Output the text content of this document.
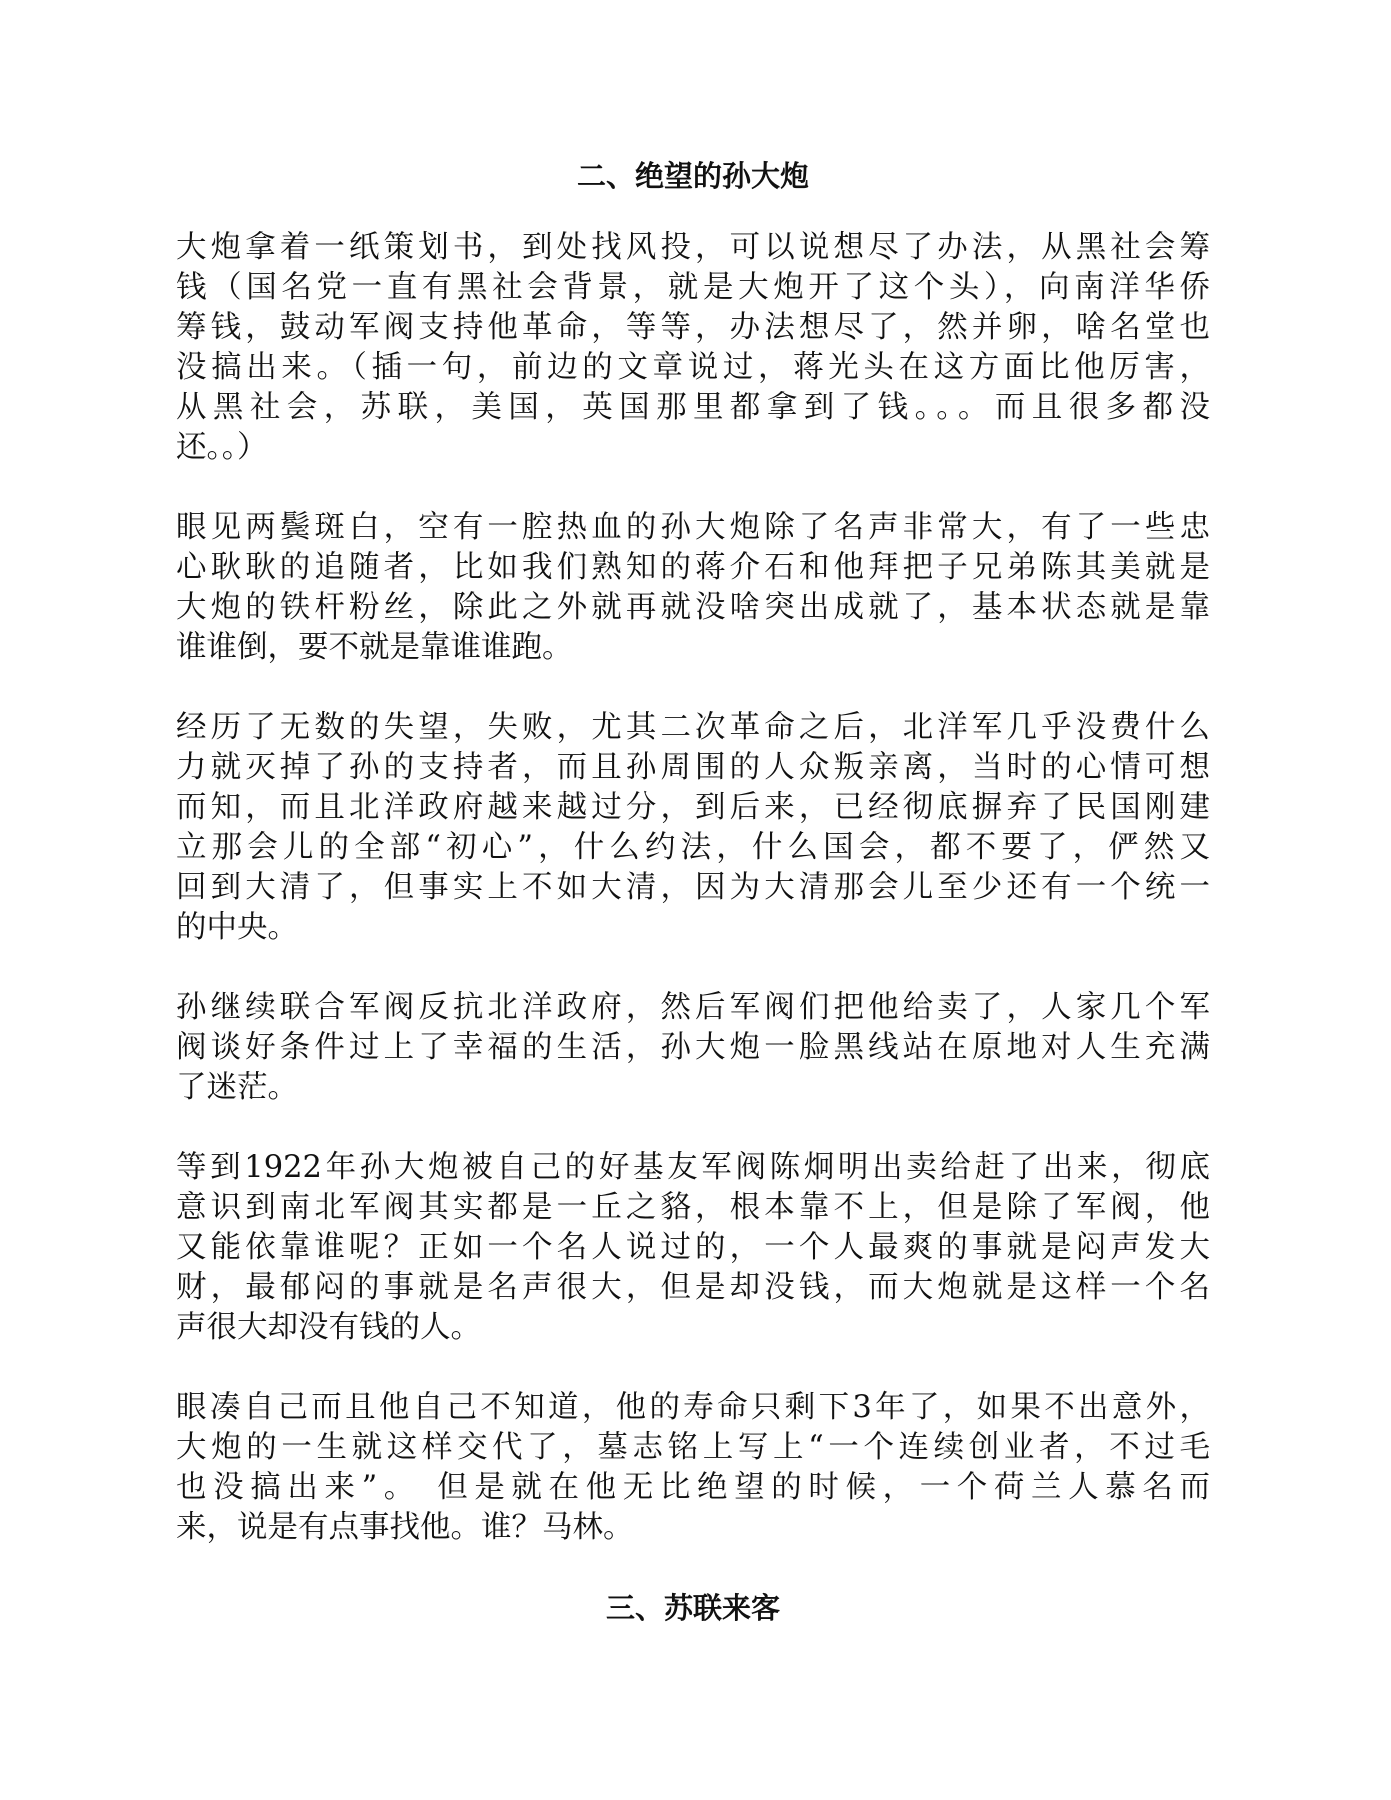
二、绝望的孙大炮

大炮拿着一纸策划书，到处找风投，可以说想尽了办法，从黑社会筹
钱（国名党一直有黑社会背景，就是大炮开了这个头），向南洋华侨
筹钱，鼓动军阀支持他革命，等等，办法想尽了，然并卵，啥名堂也
没搞出来。（插一句，前边的文章说过，蒋光头在这方面比他厉害，
从黑社会，苏联，美国，英国那里都拿到了钱。。。而且很多都没
还。。）

眼见两鬓斑白，空有一腔热血的孙大炮除了名声非常大，有了一些忠
心耿耿的追随者，比如我们熟知的蒋介石和他拜把子兄弟陈其美就是
大炮的铁杆粉丝，除此之外就再就没啥突出成就了，基本状态就是靠
谁谁倒，要不就是靠谁谁跑。

经历了无数的失望，失败，尤其二次革命之后，北洋军几乎没费什么
力就灭掉了孙的支持者，而且孙周围的人众叛亲离，当时的心情可想
而知，而且北洋政府越来越过分，到后来，已经彻底摒弃了民国刚建
立那会儿的全部“初心”，什么约法，什么国会，都不要了，俨然又
回到大清了，但事实上不如大清，因为大清那会儿至少还有一个统一
的中央。

孙继续联合军阀反抗北洋政府，然后军阀们把他给卖了，人家几个军
阀谈好条件过上了幸福的生活，孙大炮一脸黑线站在原地对人生充满
了迷茫。

等到1922年孙大炮被自己的好基友军阀陈炯明出卖给赶了出来，彻底
意识到南北军阀其实都是一丘之貉，根本靠不上，但是除了军阀，他
又能依靠谁呢？正如一个名人说过的，一个人最爽的事就是闷声发大
财，最郁闷的事就是名声很大，但是却没钱，而大炮就是这样一个名
声很大却没有钱的人。

眼凑自己而且他自己不知道，他的寿命只剩下3年了，如果不出意外，
大炮的一生就这样交代了，墓志铭上写上“一个连续创业者，不过毛
也没搞出来”。 但是就在他无比绝望的时候，一个荷兰人慕名而
来，说是有点事找他。谁？马林。

三、苏联来客
